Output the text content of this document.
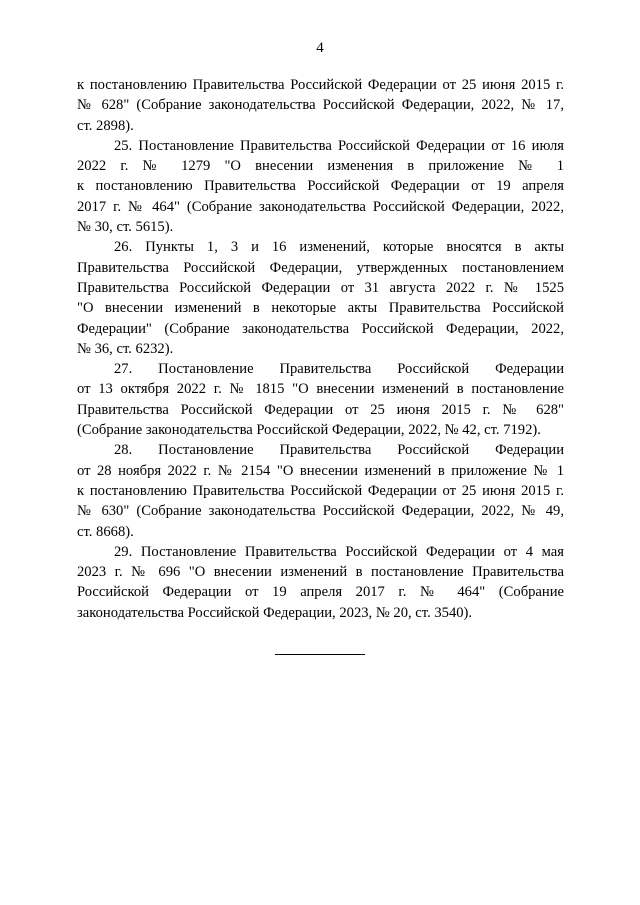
4
к постановлению Правительства Российской Федерации от 25 июня 2015 г.
№ 628" (Собрание законодательства Российской Федерации, 2022, № 17,
ст. 2898).
25. Постановление Правительства Российской Федерации от 16 июля
2022 г. № 1279 "О внесении изменения в приложение № 1
к постановлению Правительства Российской Федерации от 19 апреля
2017 г. № 464" (Собрание законодательства Российской Федерации, 2022,
№ 30, ст. 5615).
26. Пункты 1, 3 и 16 изменений, которые вносятся в акты
Правительства Российской Федерации, утвержденных постановлением
Правительства Российской Федерации от 31 августа 2022 г. № 1525
"О внесении изменений в некоторые акты Правительства Российской
Федерации" (Собрание законодательства Российской Федерации, 2022,
№ 36, ст. 6232).
27. Постановление Правительства Российской Федерации
от 13 октября 2022 г. № 1815 "О внесении изменений в постановление
Правительства Российской Федерации от 25 июня 2015 г. № 628"
(Собрание законодательства Российской Федерации, 2022, № 42, ст. 7192).
28. Постановление Правительства Российской Федерации
от 28 ноября 2022 г. № 2154 "О внесении изменений в приложение № 1
к постановлению Правительства Российской Федерации от 25 июня 2015 г.
№ 630" (Собрание законодательства Российской Федерации, 2022, № 49,
ст. 8668).
29. Постановление Правительства Российской Федерации от 4 мая
2023 г. № 696 "О внесении изменений в постановление Правительства
Российской Федерации от 19 апреля 2017 г. № 464" (Собрание
законодательства Российской Федерации, 2023, № 20, ст. 3540).
